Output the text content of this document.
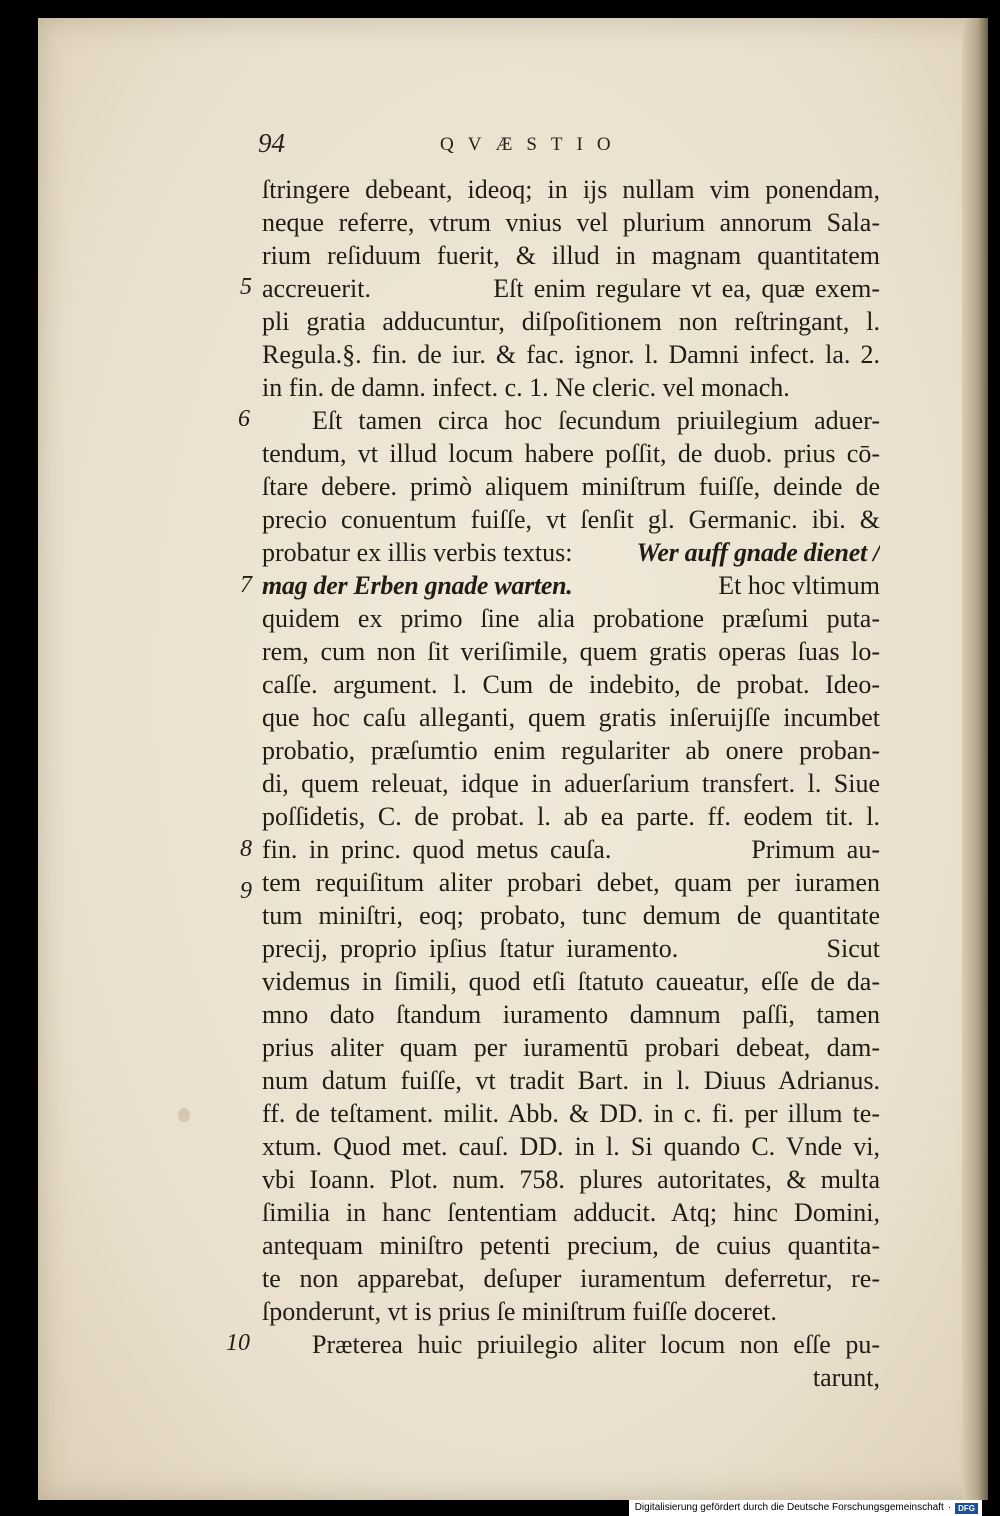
94	QVÆSTIO
ſtringere debeant, ideoq; in ijs nullam vim ponendam,
neque referre, vtrum vnius vel plurium annorum Sala-
rium reſiduum fuerit, & illud in magnam quantitatem
accreuerit.            Eſt enim regulare vt ea, quæ exem-
pli gratia adducuntur, diſpoſitionem non reſtringant, l.
Regula.§. fin. de iur. & fac. ignor. l. Damni infect. la. 2.
in fin. de damn. infect. c. 1. Ne cleric. vel monach.
Eſt tamen circa hoc ſecundum priuilegium aduer-
tendum, vt illud locum habere poſſit, de duob. prius cō-
ſtare debere. primò aliquem miniſtrum fuiſſe, deinde de
precio conuentum fuiſſe, vt ſenſit gl. Germanic. ibi. &
probatur ex illis verbis textus:	Wer auff gnade dienet /
mag der Erben gnade warten.	Et hoc vltimum
quidem ex primo ſine alia probatione præſumi puta-
rem, cum non ſit veriſimile, quem gratis operas ſuas lo-
caſſe. argument. l. Cum de indebito, de probat. Ideo-
que hoc caſu alleganti, quem gratis inſeruijſſe incumbet
probatio, præſumtio enim regulariter ab onere proban-
di, quem releuat, idque in aduerſarium transfert. l. Siue
poſſidetis, C. de probat. l. ab ea parte. ff. eodem tit. l.
fin. in princ. quod metus cauſa.            Primum au-
tem requiſitum aliter probari debet, quam per iuramen
tum miniſtri, eoq; probato, tunc demum de quantitate
precij, proprio ipſius ſtatur iuramento.            Sicut
videmus in ſimili, quod etſi ſtatuto caueatur, eſſe de da-
mno dato ſtandum iuramento damnum paſſi, tamen
prius aliter quam per iuramentū probari debeat, dam-
num datum fuiſſe, vt tradit Bart. in l. Diuus Adrianus.
ff. de teſtament. milit. Abb. & DD. in c. fi. per illum te-
xtum. Quod met. cauſ. DD. in l. Si quando C. Vnde vi,
vbi Ioann. Plot. num. 758. plures autoritates, & multa
ſimilia in hanc ſententiam adducit. Atq; hinc Domini,
antequam miniſtro petenti precium, de cuius quantita-
te non apparebat, deſuper iuramentum deferretur, re-
ſponderunt, vt is prius ſe miniſtrum fuiſſe doceret.
Præterea huic priuilegio aliter locum non eſſe pu-
tarunt,
5
6
7
8
9
10
Digitalisierung gefördert durch die Deutsche Forschungsgemeinschaft · DFG
